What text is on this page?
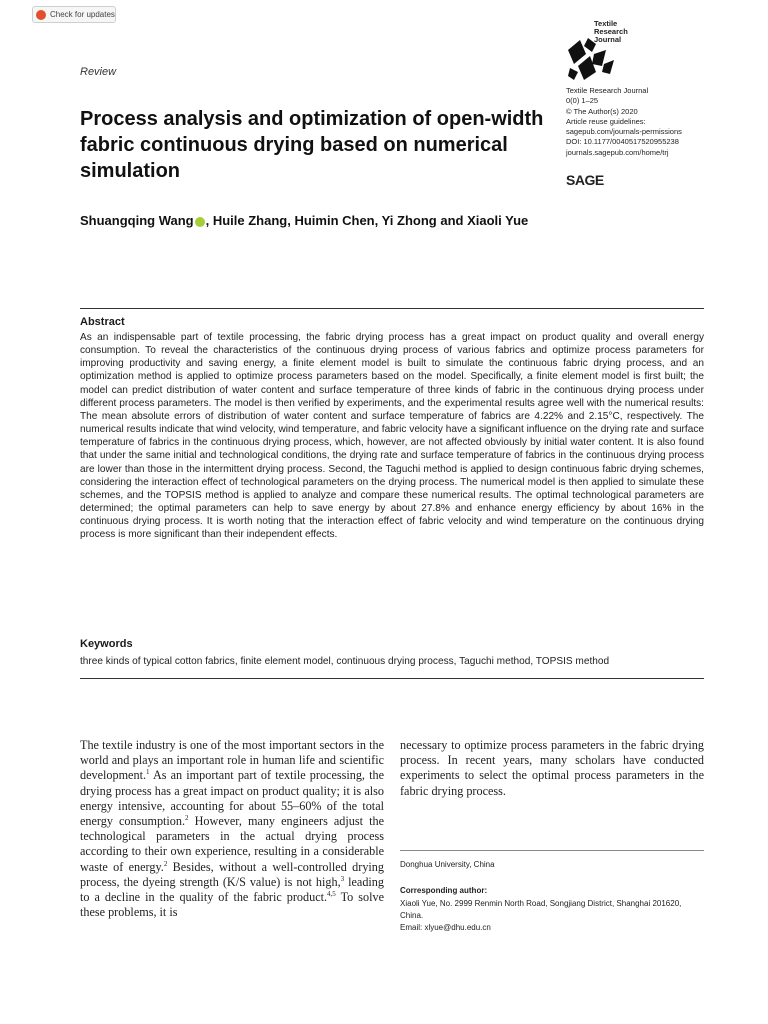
Check for updates
Review
Textile
Research
Journal
Textile Research Journal
0(0) 1–25
© The Author(s) 2020
Article reuse guidelines:
sagepub.com/journals-permissions
DOI: 10.1177/0040517520955238
journals.sagepub.com/home/trj
SAGE
Process analysis and optimization of open-width fabric continuous drying based on numerical simulation
Shuangqing Wang , Huile Zhang, Huimin Chen, Yi Zhong and Xiaoli Yue
Abstract
As an indispensable part of textile processing, the fabric drying process has a great impact on product quality and overall energy consumption. To reveal the characteristics of the continuous drying process of various fabrics and optimize process parameters for improving productivity and saving energy, a finite element model is built to simulate the continuous fabric drying process, and an optimization method is applied to optimize process parameters based on the model. Specifically, a finite element model is first built; the model can predict distribution of water content and surface temperature of three kinds of fabric in the continuous drying process under different process parameters. The model is then verified by experiments, and the experimental results agree well with the numerical results: The mean absolute errors of distribution of water content and surface temperature of fabrics are 4.22% and 2.15°C, respectively. The numerical results indicate that wind velocity, wind temperature, and fabric velocity have a significant influence on the drying rate and surface temperature of fabrics in the continuous drying process, which, however, are not affected obviously by initial water content. It is also found that under the same initial and technological conditions, the drying rate and surface temperature of fabrics in the continuous drying process are lower than those in the intermittent drying process. Second, the Taguchi method is applied to design continuous fabric drying schemes, considering the interaction effect of technological parameters on the drying process. The numerical model is then applied to simulate these schemes, and the TOPSIS method is applied to analyze and compare these numerical results. The optimal technological parameters are determined; the optimal parameters can help to save energy by about 27.8% and enhance energy efficiency by about 16% in the continuous drying process. It is worth noting that the interaction effect of fabric velocity and wind temperature on the continuous drying process is more significant than their independent effects.
Keywords
three kinds of typical cotton fabrics, finite element model, continuous drying process, Taguchi method, TOPSIS method
The textile industry is one of the most important sectors in the world and plays an important role in human life and scientific development.$^1$ As an important part of textile processing, the drying process has a great impact on product quality; it is also energy intensive, accounting for about 55–60% of the total energy consumption.$^2$ However, many engineers adjust the technological parameters in the actual drying process according to their own experience, resulting in a considerable waste of energy.$^2$ Besides, without a well-controlled drying process, the dyeing strength (K/S value) is not high,$^3$ leading to a decline in the quality of the fabric product.$^{4,5}$ To solve these problems, it is
necessary to optimize process parameters in the fabric drying process. In recent years, many scholars have conducted experiments to select the optimal process parameters in the fabric drying process.
Donghua University, China
Corresponding author:
Xiaoli Yue, No. 2999 Renmin North Road, Songjiang District, Shanghai 201620, China.
Email: xlyue@dhu.edu.cn
